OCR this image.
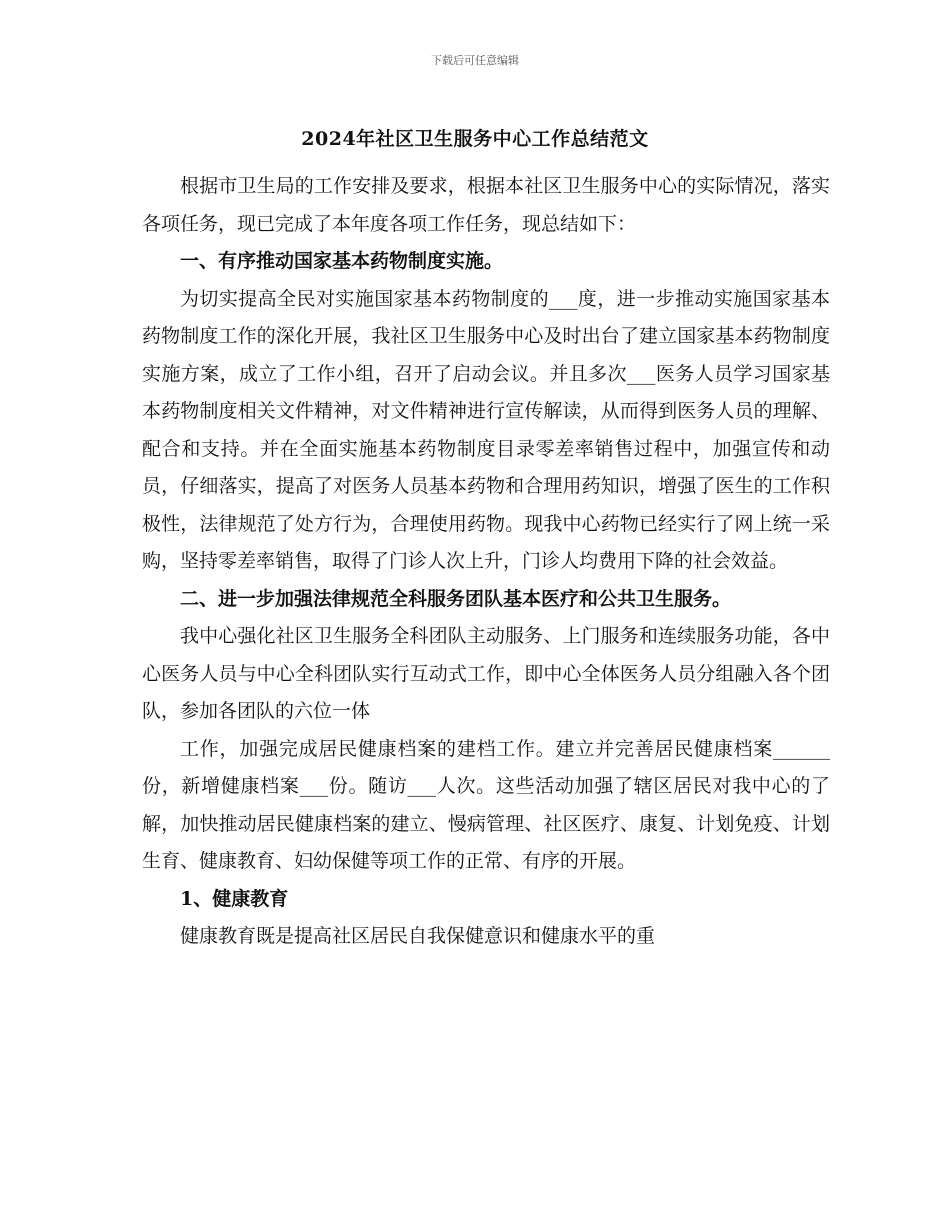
下载后可任意编辑
2024年社区卫生服务中心工作总结范文

根据市卫生局的工作安排及要求，根据本社区卫生服务中心的实际情况，落实各项任务，现已完成了本年度各项工作任务，现总结如下：

一、有序推动国家基本药物制度实施。

为切实提高全民对实施国家基本药物制度的___度，进一步推动实施国家基本药物制度工作的深化开展，我社区卫生服务中心及时出台了建立国家基本药物制度实施方案，成立了工作小组，召开了启动会议。并且多次___医务人员学习国家基本药物制度相关文件精神，对文件精神进行宣传解读，从而得到医务人员的理解、配合和支持。并在全面实施基本药物制度目录零差率销售过程中，加强宣传和动员，仔细落实，提高了对医务人员基本药物和合理用药知识，增强了医生的工作积极性，法律规范了处方行为，合理使用药物。现我中心药物已经实行了网上统一采购，坚持零差率销售，取得了门诊人次上升，门诊人均费用下降的社会效益。

二、进一步加强法律规范全科服务团队基本医疗和公共卫生服务。

我中心强化社区卫生服务全科团队主动服务、上门服务和连续服务功能，各中心医务人员与中心全科团队实行互动式工作，即中心全体医务人员分组融入各个团队，参加各团队的六位一体

工作，加强完成居民健康档案的建档工作。建立并完善居民健康档案______份，新增健康档案___份。随访___人次。这些活动加强了辖区居民对我中心的了解，加快推动居民健康档案的建立、慢病管理、社区医疗、康复、计划免疫、计划生育、健康教育、妇幼保健等项工作的正常、有序的开展。

1、健康教育

健康教育既是提高社区居民自我保健意识和健康水平的重
